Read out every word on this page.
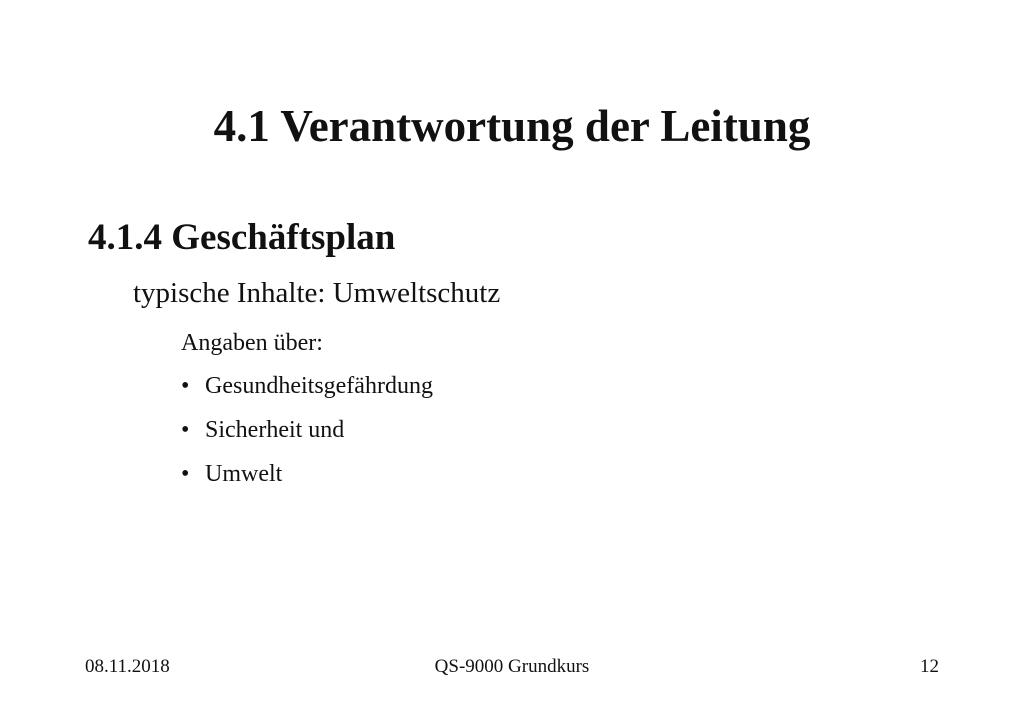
4.1 Verantwortung der Leitung
4.1.4 Geschäftsplan
typische Inhalte: Umweltschutz
Angaben über:
• Gesundheitsgefährdung
• Sicherheit und
• Umwelt
08.11.2018	QS-9000 Grundkurs	12
